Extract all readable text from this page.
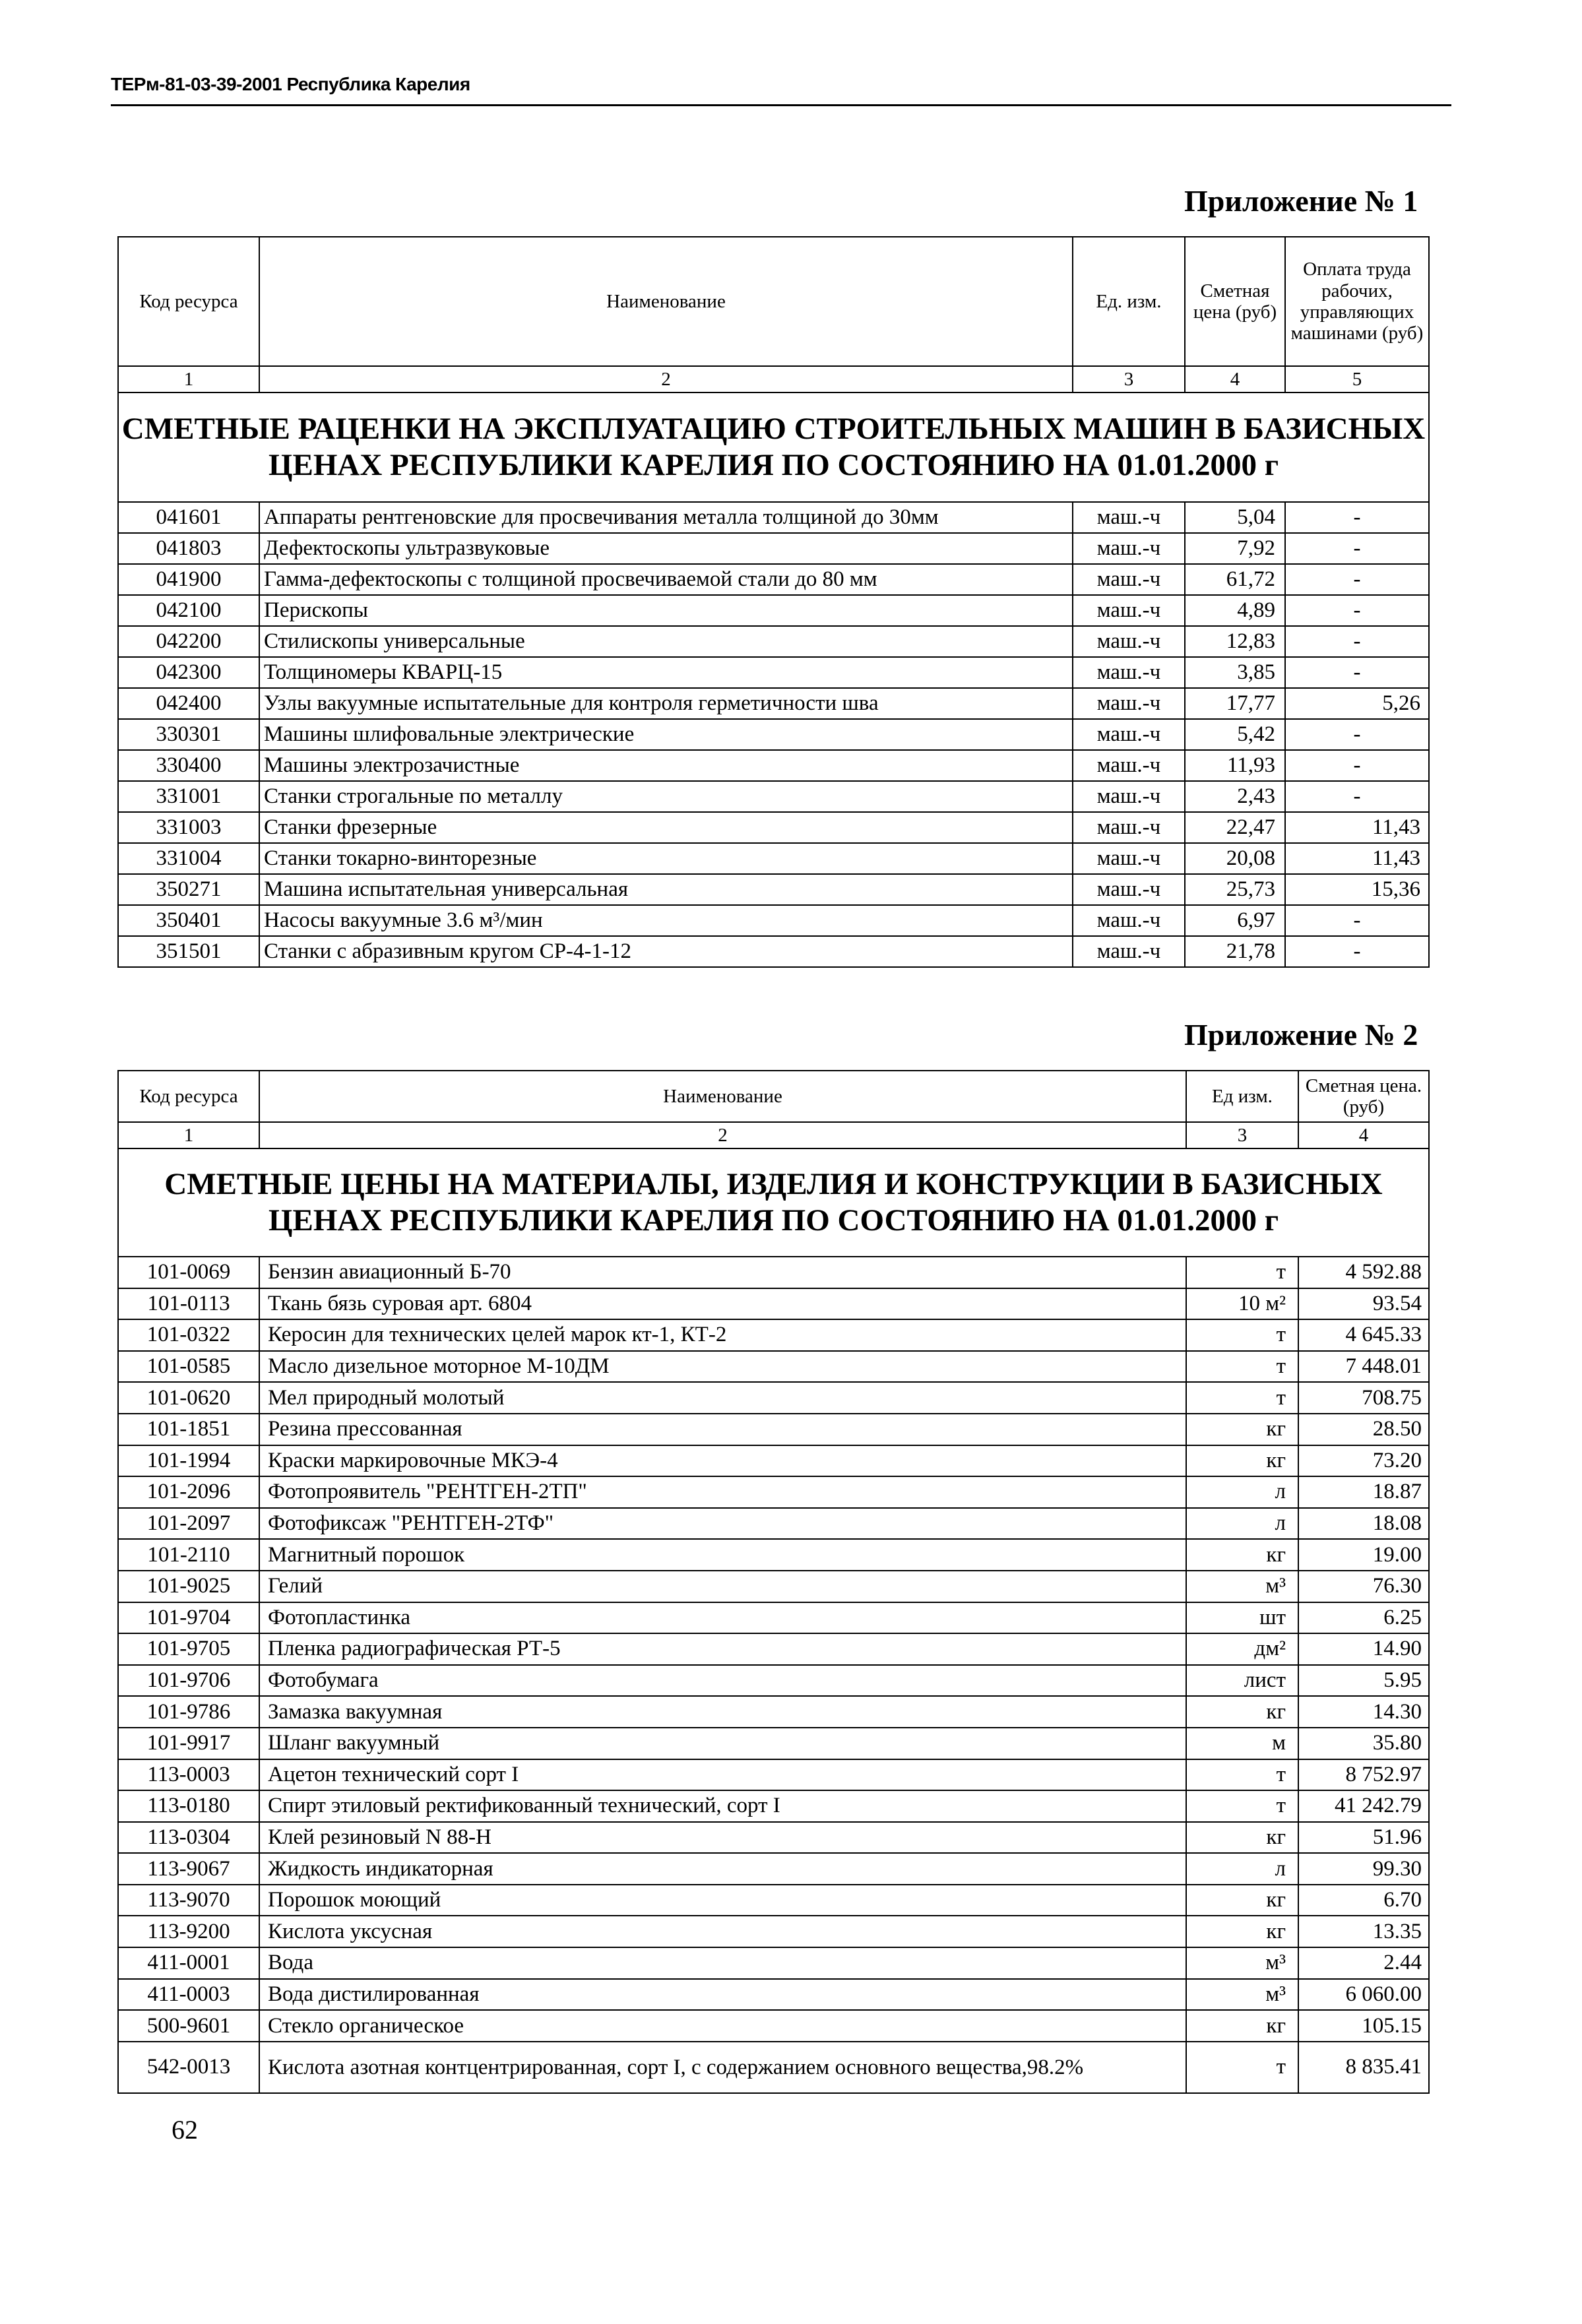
ТЕРм-81-03-39-2001 Республика Карелия
Приложение № 1
Код ресурса	Наименование	Ед. изм.	Сметная цена (руб)	Оплата труда рабочих, управляющих машинами (руб)
1	2	3	4	5
СМЕТНЫЕ РАЦЕНКИ НА ЭКСПЛУАТАЦИЮ СТРОИТЕЛЬНЫХ МАШИН В БАЗИСНЫХ ЦЕНАХ РЕСПУБЛИКИ КАРЕЛИЯ ПО СОСТОЯНИЮ НА 01.01.2000 г				
041601	Аппараты рентгеновские для просвечивания металла толщиной до 30мм	маш.-ч	5,04	-
041803	Дефектоскопы ультразвуковые	маш.-ч	7,92	-
041900	Гамма-дефектоскопы с толщиной просвечиваемой стали до 80 мм	маш.-ч	61,72	-
042100	Перископы	маш.-ч	4,89	-
042200	Стилископы универсальные	маш.-ч	12,83	-
042300	Толщиномеры КВАРЦ-15	маш.-ч	3,85	-
042400	Узлы вакуумные испытательные для контроля герметичности шва	маш.-ч	17,77	5,26
330301	Машины шлифовальные электрические	маш.-ч	5,42	-
330400	Машины электрозачистные	маш.-ч	11,93	-
331001	Станки строгальные по металлу	маш.-ч	2,43	-
331003	Станки фрезерные	маш.-ч	22,47	11,43
331004	Станки токарно-винторезные	маш.-ч	20,08	11,43
350271	Машина испытательная универсальная	маш.-ч	25,73	15,36
350401	Насосы вакуумные 3.6 м³/мин	маш.-ч	6,97	-
351501	Станки с абразивным кругом СР-4-1-12	маш.-ч	21,78	-
Приложение № 2
Код ресурса	Наименование	Ед изм.	Сметная цена. (руб)
1	2	3	4
СМЕТНЫЕ ЦЕНЫ НА МАТЕРИАЛЫ, ИЗДЕЛИЯ И КОНСТРУКЦИИ В БАЗИСНЫХ ЦЕНАХ РЕСПУБЛИКИ КАРЕЛИЯ ПО СОСТОЯНИЮ НА 01.01.2000 г			
101-0069	Бензин авиационный Б-70	т	4 592.88
101-0113	Ткань бязь суровая арт. 6804	10 м²	93.54
101-0322	Керосин для технических целей марок кт-1, КТ-2	т	4 645.33
101-0585	Масло дизельное моторное М-10ДМ	т	7 448.01
101-0620	Мел природный молотый	т	708.75
101-1851	Резина прессованная	кг	28.50
101-1994	Краски маркировочные МКЭ-4	кг	73.20
101-2096	Фотопроявитель "РЕНТГЕН-2ТП"	л	18.87
101-2097	Фотофиксаж "РЕНТГЕН-2ТФ"	л	18.08
101-2110	Магнитный порошок	кг	19.00
101-9025	Гелий	м³	76.30
101-9704	Фотопластинка	шт	6.25
101-9705	Пленка радиографическая РТ-5	дм²	14.90
101-9706	Фотобумага	лист	5.95
101-9786	Замазка вакуумная	кг	14.30
101-9917	Шланг вакуумный	м	35.80
113-0003	Ацетон технический сорт I	т	8 752.97
113-0180	Спирт этиловый ректификованный технический, сорт I	т	41 242.79
113-0304	Клей резиновый N 88-Н	кг	51.96
113-9067	Жидкость индикаторная	л	99.30
113-9070	Порошок моющий	кг	6.70
113-9200	Кислота уксусная	кг	13.35
411-0001	Вода	м³	2.44
411-0003	Вода дистилированная	м³	6 060.00
500-9601	Стекло органическое	кг	105.15
542-0013	Кислота азотная контцентрированная, сорт I, с содержанием основного вещества,98.2%	т	8 835.41
62
